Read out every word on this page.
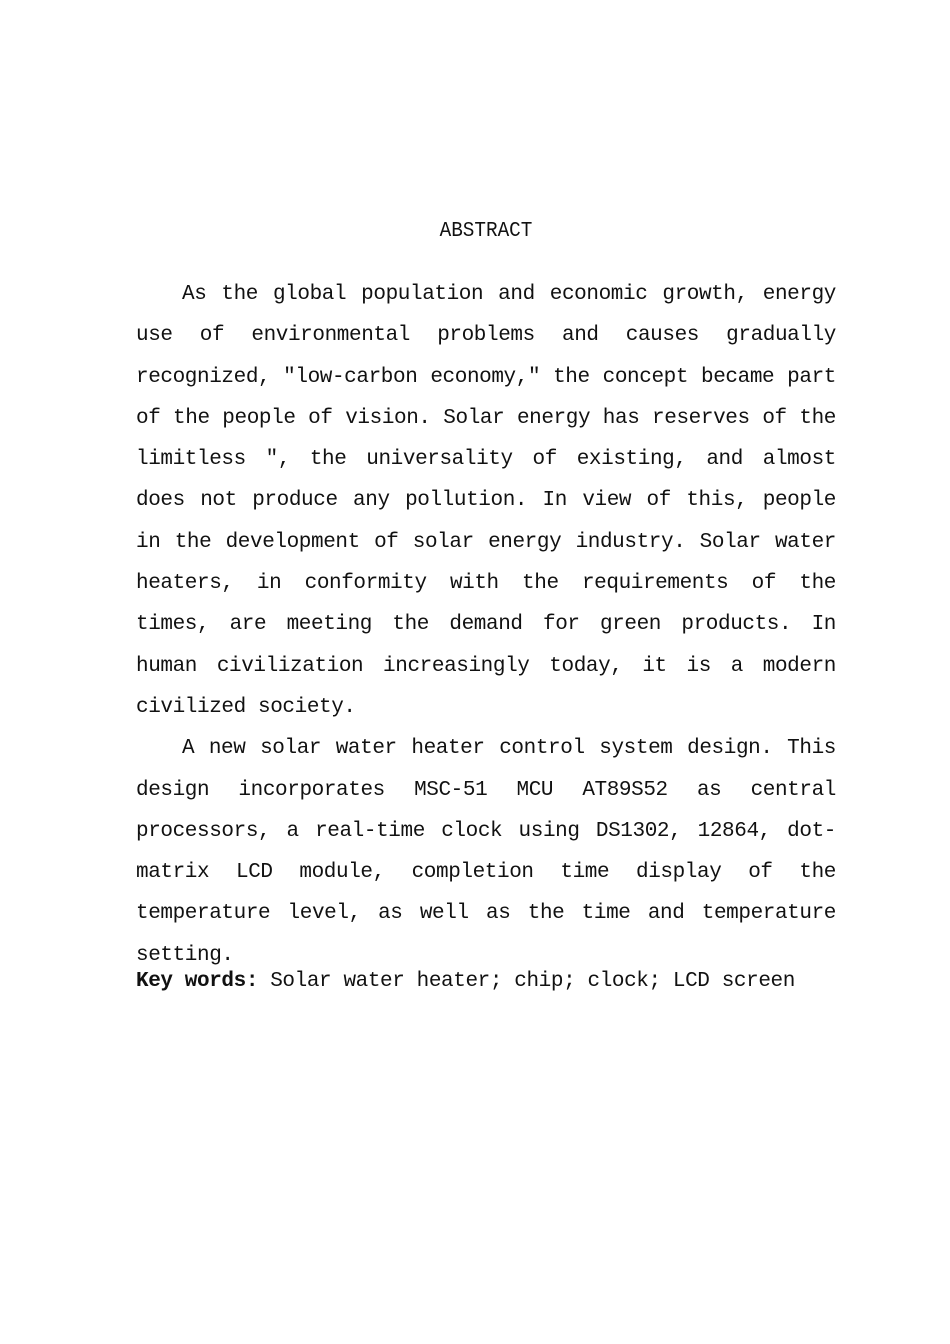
ABSTRACT

As the global population and economic growth, energy use of environmental problems and causes gradually recognized, ″low-carbon economy,″ the concept became part of the people of vision. Solar energy has reserves of the limitless ″, the universality of existing, and almost does not produce any pollution. In view of this, people in the development of solar energy industry. Solar water heaters, in conformity with the requirements of the times, are meeting the demand for green products. In human civilization increasingly today, it is a modern civilized society.

A new solar water heater control system design. This design incorporates MSC-51 MCU AT89S52 as central processors, a real-time clock using DS1302, 12864, dot-matrix LCD module, completion time display of the temperature level, as well as the time and temperature setting.

Key words: Solar water heater; chip; clock; LCD screen
